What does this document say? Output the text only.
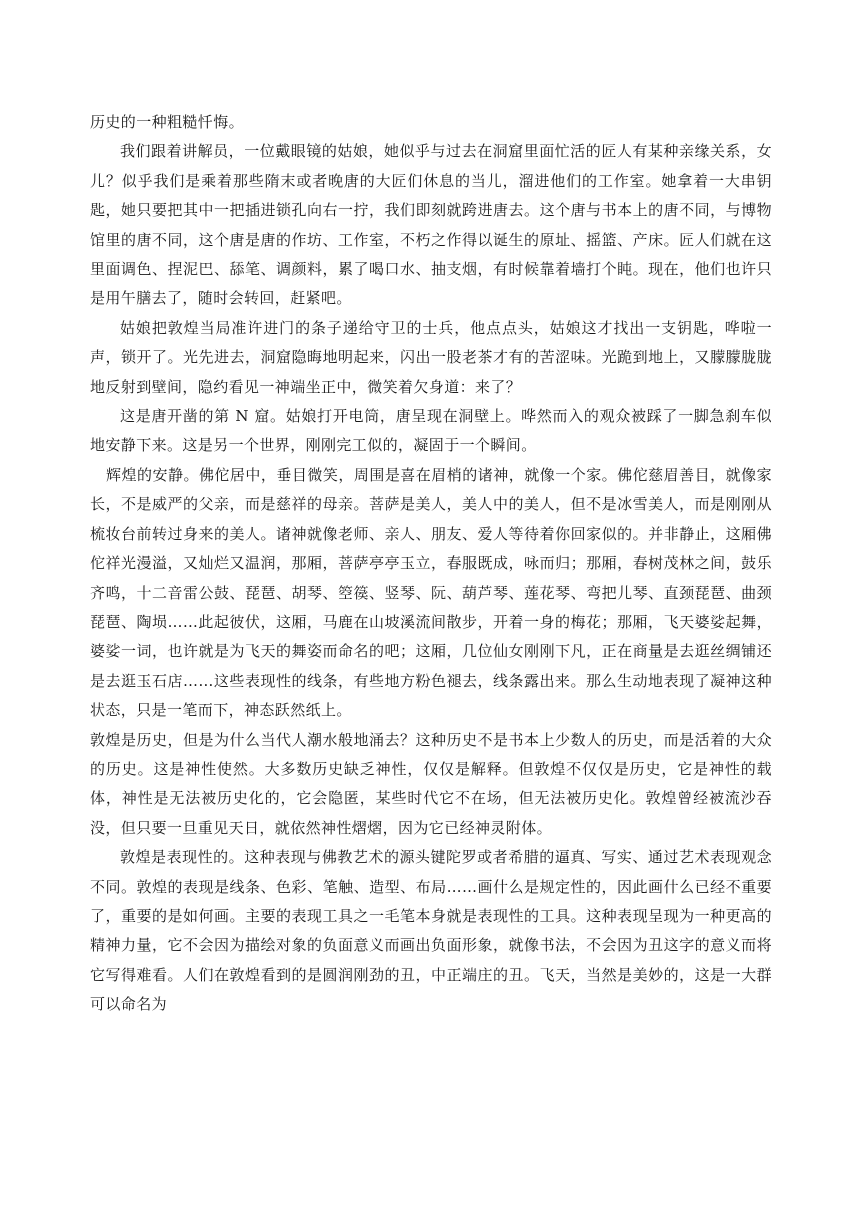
历史的一种粗糙忏悔。

我们跟着讲解员，一位戴眼镜的姑娘，她似乎与过去在洞窟里面忙活的匠人有某种亲缘关系，女儿？似乎我们是乘着那些隋末或者晚唐的大匠们休息的当儿，溜进他们的工作室。她拿着一大串钥匙，她只要把其中一把插进锁孔向右一拧，我们即刻就跨进唐去。这个唐与书本上的唐不同，与博物馆里的唐不同，这个唐是唐的作坊、工作室，不朽之作得以诞生的原址、摇篮、产床。匠人们就在这里面调色、捏泥巴、舔笔、调颜料，累了喝口水、抽支烟，有时候靠着墙打个盹。现在，他们也许只是用午膳去了，随时会转回，赶紧吧。

姑娘把敦煌当局准许进门的条子递给守卫的士兵，他点点头，姑娘这才找出一支钥匙，哗啦一声，锁开了。光先进去，洞窟隐晦地明起来，闪出一股老茶才有的苦涩味。光跪到地上，又朦朦胧胧地反射到壁间，隐约看见一神端坐正中，微笑着欠身道：来了？

这是唐开凿的第 N 窟。姑娘打开电筒，唐呈现在洞壁上。哗然而入的观众被踩了一脚急刹车似地安静下来。这是另一个世界，刚刚完工似的，凝固于一个瞬间。

辉煌的安静。佛佗居中，垂目微笑，周围是喜在眉梢的诸神，就像一个家。佛佗慈眉善目，就像家长，不是威严的父亲，而是慈祥的母亲。菩萨是美人，美人中的美人，但不是冰雪美人，而是刚刚从梳妆台前转过身来的美人。诸神就像老师、亲人、朋友、爱人等待着你回家似的。并非静止，这厢佛佗祥光漫溢，又灿烂又温润，那厢，菩萨亭亭玉立，春服既成，咏而归；那厢，春树茂林之间，鼓乐齐鸣，十二音雷公鼓、琵琶、胡琴、箜篌、竖琴、阮、葫芦琴、莲花琴、弯把儿琴、直颈琵琶、曲颈琵琶、陶埙……此起彼伏，这厢，马鹿在山坡溪流间散步，开着一身的梅花；那厢，飞天婆娑起舞，婆娑一词，也许就是为飞天的舞姿而命名的吧；这厢，几位仙女刚刚下凡，正在商量是去逛丝绸铺还是去逛玉石店……这些表现性的线条，有些地方粉色褪去，线条露出来。那么生动地表现了凝神这种状态，只是一笔而下，神态跃然纸上。

敦煌是历史，但是为什么当代人潮水般地涌去？这种历史不是书本上少数人的历史，而是活着的大众的历史。这是神性使然。大多数历史缺乏神性，仅仅是解释。但敦煌不仅仅是历史，它是神性的载体，神性是无法被历史化的，它会隐匿，某些时代它不在场，但无法被历史化。敦煌曾经被流沙吞没，但只要一旦重见天日，就依然神性熠熠，因为它已经神灵附体。

敦煌是表现性的。这种表现与佛教艺术的源头键陀罗或者希腊的逼真、写实、通过艺术表现观念不同。敦煌的表现是线条、色彩、笔触、造型、布局……画什么是规定性的，因此画什么已经不重要了，重要的是如何画。主要的表现工具之一毛笔本身就是表现性的工具。这种表现呈现为一种更高的精神力量，它不会因为描绘对象的负面意义而画出负面形象，就像书法，不会因为丑这字的意义而将它写得难看。人们在敦煌看到的是圆润刚劲的丑，中正端庄的丑。飞天，当然是美妙的，这是一大群可以命名为
